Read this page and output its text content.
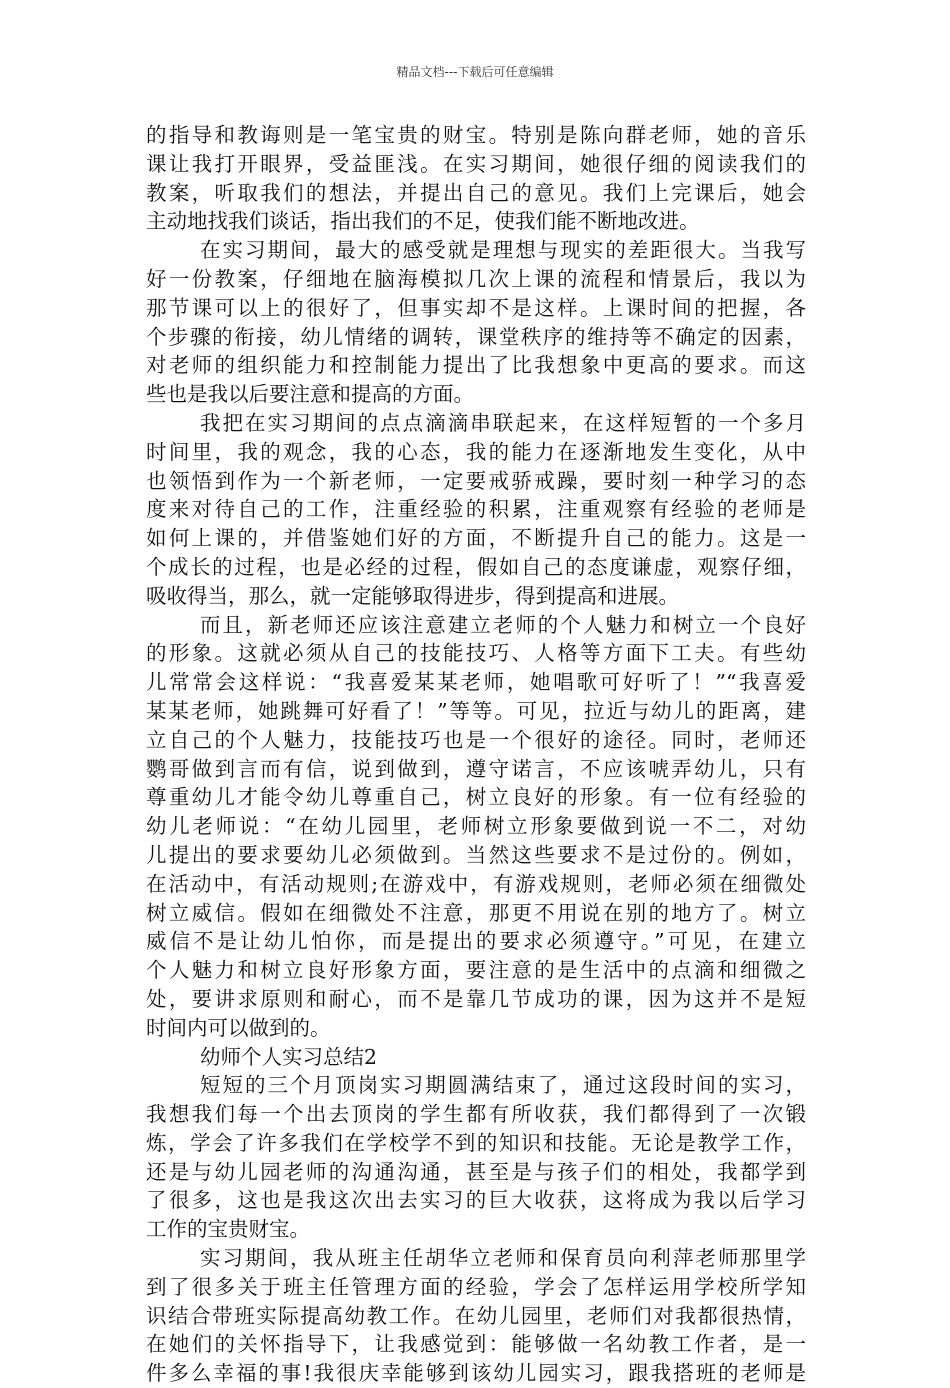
精品文档---下载后可任意编辑
的指导和教诲则是一笔宝贵的财宝。特别是陈向群老师，她的音乐
课让我打开眼界，受益匪浅。在实习期间，她很仔细的阅读我们的
教案，听取我们的想法，并提出自己的意见。我们上完课后，她会
主动地找我们谈话，指出我们的不足，使我们能不断地改进。
在实习期间，最大的感受就是理想与现实的差距很大。当我写
好一份教案，仔细地在脑海模拟几次上课的流程和情景后，我以为
那节课可以上的很好了，但事实却不是这样。上课时间的把握，各
个步骤的衔接，幼儿情绪的调转，课堂秩序的维持等不确定的因素，
对老师的组织能力和控制能力提出了比我想象中更高的要求。而这
些也是我以后要注意和提高的方面。
我把在实习期间的点点滴滴串联起来，在这样短暂的一个多月
时间里，我的观念，我的心态，我的能力在逐渐地发生变化，从中
也领悟到作为一个新老师，一定要戒骄戒躁，要时刻一种学习的态
度来对待自己的工作，注重经验的积累，注重观察有经验的老师是
如何上课的，并借鉴她们好的方面，不断提升自己的能力。这是一
个成长的过程，也是必经的过程，假如自己的态度谦虚，观察仔细，
吸收得当，那么，就一定能够取得进步，得到提高和进展。
而且，新老师还应该注意建立老师的个人魅力和树立一个良好
的形象。这就必须从自己的技能技巧、人格等方面下工夫。有些幼
儿常常会这样说：“我喜爱某某老师，她唱歌可好听了！”“我喜爱
某某老师，她跳舞可好看了！”等等。可见，拉近与幼儿的距离，建
立自己的个人魅力，技能技巧也是一个很好的途径。同时，老师还
鹦哥做到言而有信，说到做到，遵守诺言，不应该唬弄幼儿，只有
尊重幼儿才能令幼儿尊重自己，树立良好的形象。有一位有经验的
幼儿老师说：“在幼儿园里，老师树立形象要做到说一不二，对幼
儿提出的要求要幼儿必须做到。当然这些要求不是过份的。例如，
在活动中，有活动规则;在游戏中，有游戏规则，老师必须在细微处
树立威信。假如在细微处不注意，那更不用说在别的地方了。树立
威信不是让幼儿怕你，而是提出的要求必须遵守。”可见，在建立
个人魅力和树立良好形象方面，要注意的是生活中的点滴和细微之
处，要讲求原则和耐心，而不是靠几节成功的课，因为这并不是短
时间内可以做到的。
幼师个人实习总结2
短短的三个月顶岗实习期圆满结束了，通过这段时间的实习，
我想我们每一个出去顶岗的学生都有所收获，我们都得到了一次锻
炼，学会了许多我们在学校学不到的知识和技能。无论是教学工作，
还是与幼儿园老师的沟通沟通，甚至是与孩子们的相处，我都学到
了很多，这也是我这次出去实习的巨大收获，这将成为我以后学习
工作的宝贵财宝。
实习期间，我从班主任胡华立老师和保育员向利萍老师那里学
到了很多关于班主任管理方面的经验，学会了怎样运用学校所学知
识结合带班实际提高幼教工作。在幼儿园里，老师们对我都很热情，
在她们的关怀指导下，让我感觉到：能够做一名幼教工作者，是一
件多么幸福的事!我很庆幸能够到该幼儿园实习，跟我搭班的老师是
